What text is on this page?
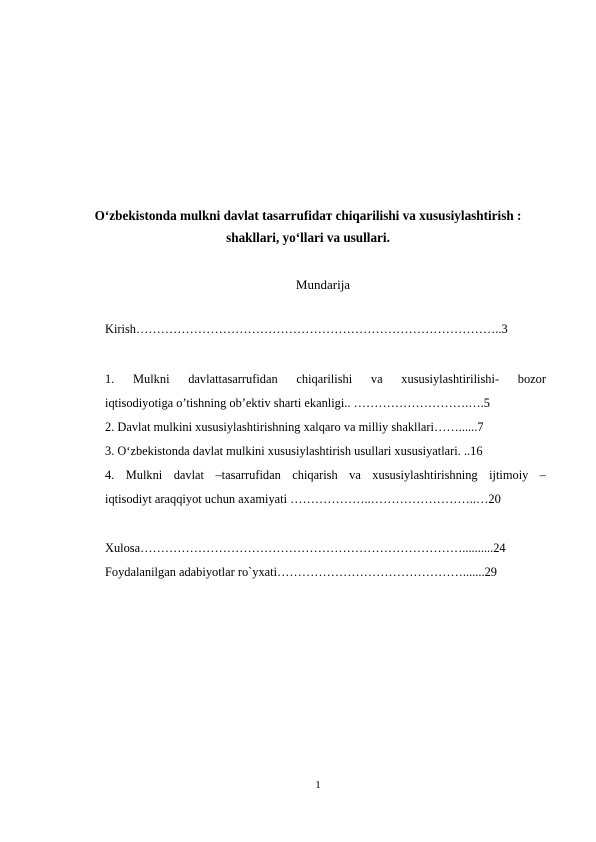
O‘zbekistonda mulkni davlat tasarrufidaт chiqarilishi va xususiylashtirish :
shakllari, yo‘llari va usullari.
Mundarija
Kirish……………………………………………………………………………..3
1. Mulkni davlattasarrufidan chiqarilishi va xususiylashtirilishi- bozor
iqtisodiyotiga o’tishning ob’ektiv sharti ekanligi.. ……………………….….5
2. Davlat mulkini xususiylashtirishning xalqaro va milliy shakllari……......7
3. O‘zbekistonda davlat mulkini xususiylashtirish usullari xususiyatlari. ..16
4. Mulkni davlat –tasarrufidan chiqarish va xususiylashtirishning ijtimoiy –
iqtisodiyt araqqiyot uchun axamiyati ………………..……………………..…20
Xulosa……………………………………………………………………..........24
Foydalanilgan adabiyotlar ro`yxati……………………………………….......29
1
